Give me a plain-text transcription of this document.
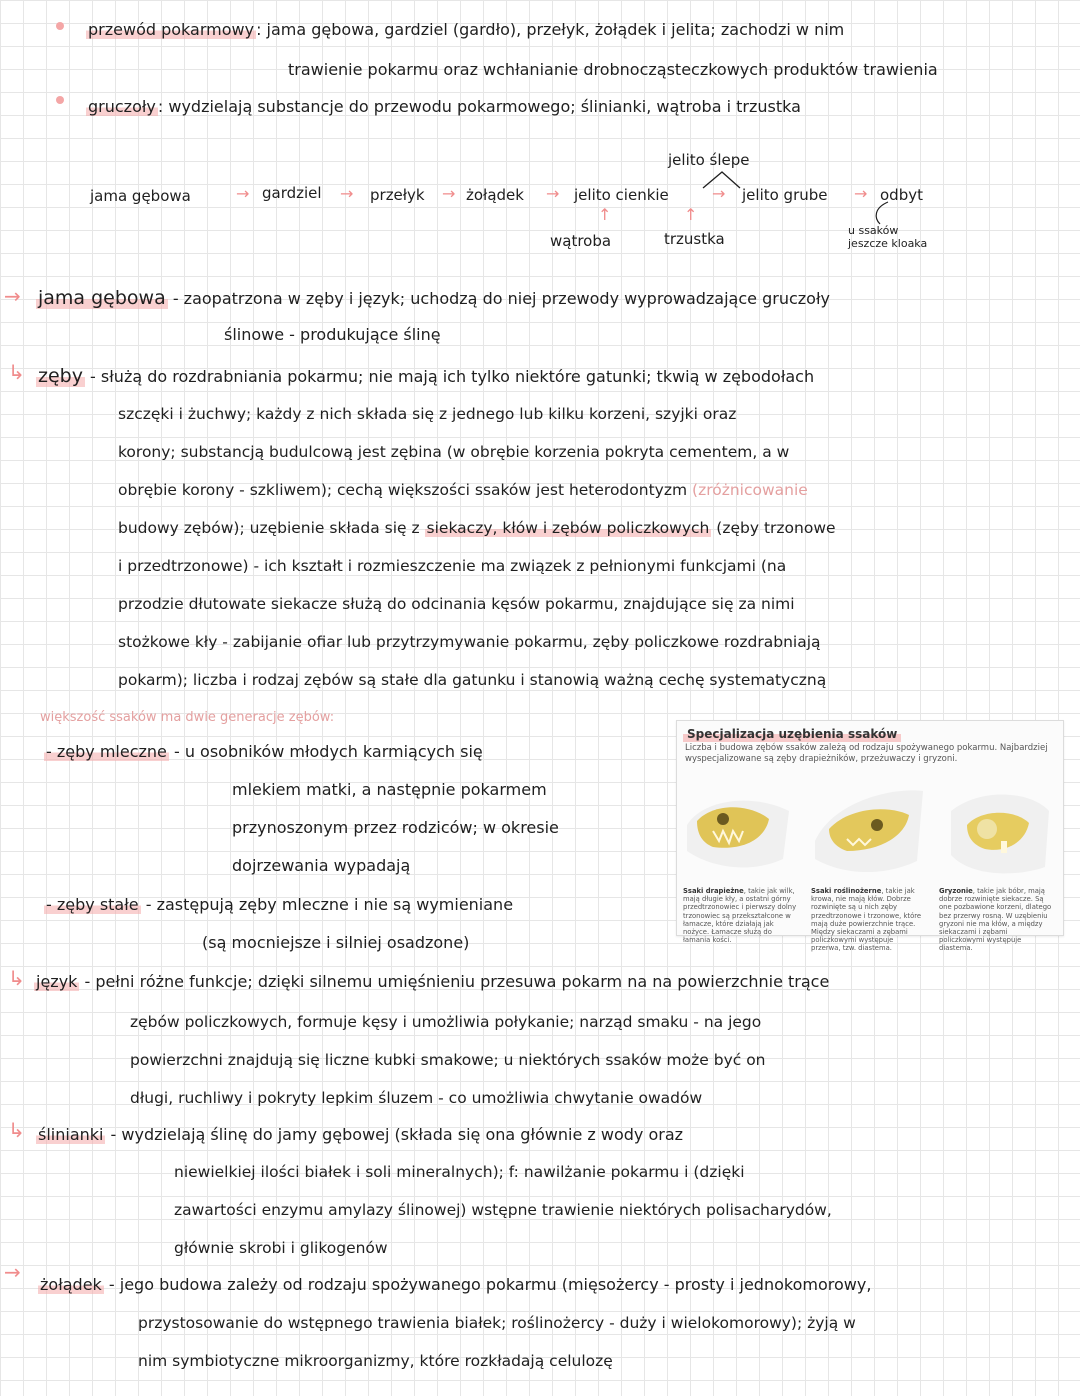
przewód pokarmowy : jama gębowa, gardziel (gardło), przełyk, żołądek i jelita; zachodzi w nim
trawienie pokarmu oraz wchłanianie drobnocząsteczkowych produktów trawienia
gruczoły : wydzielają substancje do przewodu pokarmowego; ślinianki, wątroba i trzustka
jama gębowa	→ gardziel → przełyk → żołądek → jelito cienkie	→ jelito grube → odbyt
jelito ślepe
↑
wątroba
↑
trzustka	u ssaków jeszcze kloaka
→ jama gębowa - zaopatrzona w zęby i język; uchodzą do niej przewody wyprowadzające gruczoły
ślinowe - produkujące ślinę
↳ zęby - służą do rozdrabniania pokarmu; nie mają ich tylko niektóre gatunki; tkwią w zębodołach
szczęki i żuchwy; każdy z nich składa się z jednego lub kilku korzeni, szyjki oraz
korony; substancją budulcową jest zębina (w obrębie korzenia pokryta cementem, a w
obrębie korony - szkliwem); cechą większości ssaków jest heterodontyzm (zróżnicowanie
budowy zębów); uzębienie składa się z siekaczy, kłów i zębów policzkowych (zęby trzonowe
i przedtrzonowe) - ich kształt i rozmieszczenie ma związek z pełnionymi funkcjami (na
przodzie dłutowate siekacze służą do odcinania kęsów pokarmu, znajdujące się za nimi
stożkowe kły - zabijanie ofiar lub przytrzymywanie pokarmu, zęby policzkowe rozdrabniają
pokarm); liczba i rodzaj zębów są stałe dla gatunku i stanowią ważną cechę systematyczną
większość ssaków ma dwie generacje zębów:
- zęby mleczne - u osobników młodych karmiących się
mlekiem matki, a następnie pokarmem
przynoszonym przez rodziców; w okresie
dojrzewania wypadają
- zęby stałe - zastępują zęby mleczne i nie są wymieniane
(są mocniejsze i silniej osadzone)
Specjalizacja uzębienia ssaków
Liczba i budowa zębów ssaków zależą od rodzaju spożywanego pokarmu. Najbardziej wyspecjalizowane są zęby drapieżników, przeżuwaczy i gryzoni.
Ssaki drapieżne, takie jak wilk, mają długie kły, a ostatni górny przedtrzonowiec i pierwszy dolny trzonowiec są przekształcone w łamacze, które działają jak nożyce. Łamacze służą do łamania kości.
Ssaki roślinożerne, takie jak krowa, nie mają kłów. Dobrze rozwinięte są u nich zęby przedtrzonowe i trzonowe, które mają duże powierzchnie trące. Między siekaczami a zębami policzkowymi występuje przerwa, tzw. diastema.
Gryzonie, takie jak bóbr, mają dobrze rozwinięte siekacze. Są one pozbawione korzeni, dlatego bez przerwy rosną. W uzębieniu gryzoni nie ma kłów, a między siekaczami i zębami policzkowymi występuje diastema.
↳ język - pełni różne funkcje; dzięki silnemu umięśnieniu przesuwa pokarm na na powierzchnie trące
zębów policzkowych, formuje kęsy i umożliwia połykanie; narząd smaku - na jego
powierzchni znajdują się liczne kubki smakowe; u niektórych ssaków może być on
długi, ruchliwy i pokryty lepkim śluzem - co umożliwia chwytanie owadów
↳ ślinianki - wydzielają ślinę do jamy gębowej (składa się ona głównie z wody oraz
niewielkiej ilości białek i soli mineralnych); f: nawilżanie pokarmu i (dzięki
zawartości enzymu amylazy ślinowej) wstępne trawienie niektórych polisacharydów,
głównie skrobi i glikogenów
→
żołądek - jego budowa zależy od rodzaju spożywanego pokarmu (mięsożercy - prosty i jednokomorowy,
przystosowanie do wstępnego trawienia białek; roślinożercy - duży i wielokomorowy); żyją w
nim symbiotyczne mikroorganizmy, które rozkładają celulozę
